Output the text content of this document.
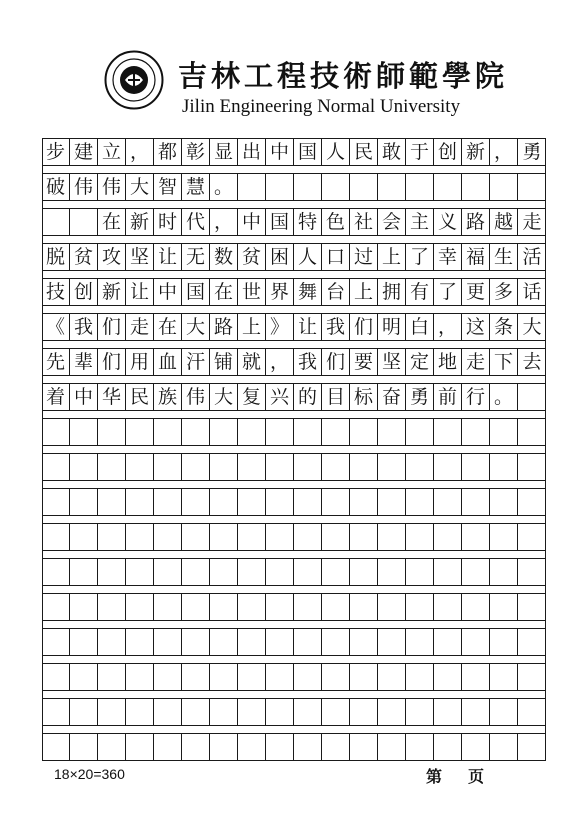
吉林工程技術師範學院
Jilin Engineering Normal University
步 建 立 ， 都 彰 显 出 中 国 人 民 敢 于 创 新 ， 勇
破 伟 伟 大 智 慧 。
在 新 时 代 ， 中 国 特 色 社 会 主 义 路 越 走
脱 贫 攻 坚 让 无 数 贫 困 人 口 过 上 了 幸 福 生 活
技 创 新 让 中 国 在 世 界 舞 台 上 拥 有 了 更 多 话
《 我 们 走 在 大 路 上 》 让 我 们 明 白 ， 这 条 大
先 辈 们 用 血 汗 铺 就 ， 我 们 要 坚 定 地 走 下 去
着 中 华 民 族 伟 大 复 兴 的 目 标 奋 勇 前 行 。
18×20=360	第 页
